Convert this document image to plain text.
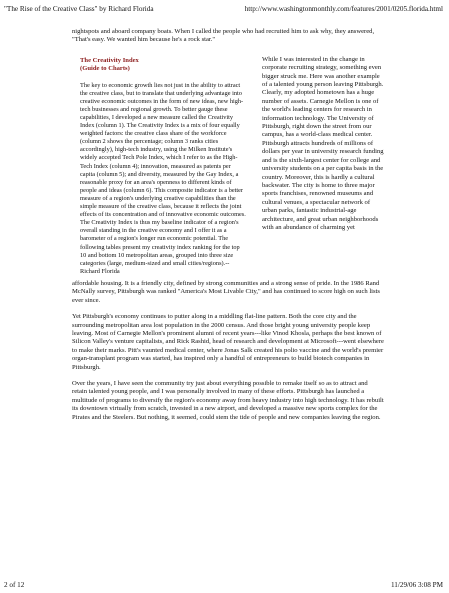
"The Rise of the Creative Class" by Richard Florida	http://www.washingtonmonthly.com/features/2001/0205.florida.html

nightspots and aboard company boats. When I called the people who had recruited him to ask why, they answered, "That's easy. We wanted him because he's a rock star."

The Creativity Index
(Guide to Charts)
The key to economic growth lies not just in the ability to attract the creative class, but to translate that underlying advantage into creative economic outcomes in the form of new ideas, new high-tech businesses and regional growth. To better gauge these capabilities, I developed a new measure called the Creativity Index (column 1). The Creativity Index is a mix of four equally weighted factors: the creative class share of the workforce (column 2 shows the percentage; column 3 ranks cities accordingly), high-tech industry, using the Milken Institute's widely accepted Tech Pole Index, which I refer to as the High-Tech Index (column 4); innovation, measured as patents per capita (column 5); and diversity, measured by the Gay Index, a reasonable proxy for an area's openness to different kinds of people and ideas (column 6). This composite indicator is a better measure of a region's underlying creative capabilities than the simple measure of the creative class, because it reflects the joint effects of its concentration and of innovative economic outcomes. The Creativity Index is thus my baseline indicator of a region's overall standing in the creative economy and I offer it as a barometer of a region's longer run economic potential. The following tables present my creativity index ranking for the top 10 and bottom 10 metropolitan areas, grouped into three size categories (large, medium-sized and small cities/regions).--Richard Florida
While I was interested in the change in corporate recruiting strategy, something even bigger struck me. Here was another example of a talented young person leaving Pittsburgh. Clearly, my adopted hometown has a huge number of assets. Carnegie Mellon is one of the world's leading centers for research in information technology. The University of Pittsburgh, right down the street from our campus, has a world-class medical center. Pittsburgh attracts hundreds of millions of dollars per year in university research funding and is the sixth-largest center for college and university students on a per capita basis in the country. Moreover, this is hardly a cultural backwater. The city is home to three major sports franchises, renowned museums and cultural venues, a spectacular network of urban parks, fantastic industrial-age architecture, and great urban neighborhoods with an abundance of charming yet

affordable housing. It is a friendly city, defined by strong communities and a strong sense of pride. In the 1986 Rand McNally survey, Pittsburgh was ranked "America's Most Livable City," and has continued to score high on such lists ever since.

Yet Pittsburgh's economy continues to putter along in a middling flat-line pattern. Both the core city and the surrounding metropolitan area lost population in the 2000 census. And those bright young university people keep leaving. Most of Carnegie Mellon's prominent alumni of recent years---like Vinod Khosla, perhaps the best known of Silicon Valley's venture capitalists, and Rick Rashid, head of research and development at Microsoft---went elsewhere to make their marks. Pitt's vaunted medical center, where Jonas Salk created his polio vaccine and the world's premier organ-transplant program was started, has inspired only a handful of entrepreneurs to build biotech companies in Pittsburgh.

Over the years, I have seen the community try just about everything possible to remake itself so as to attract and retain talented young people, and I was personally involved in many of these efforts. Pittsburgh has launched a multitude of programs to diversify the region's economy away from heavy industry into high technology. It has rebuilt its downtown virtually from scratch, invested in a new airport, and developed a massive new sports complex for the Pirates and the Steelers. But nothing, it seemed, could stem the tide of people and new companies leaving the region.

2 of 12	11/29/06 3:08 PM
